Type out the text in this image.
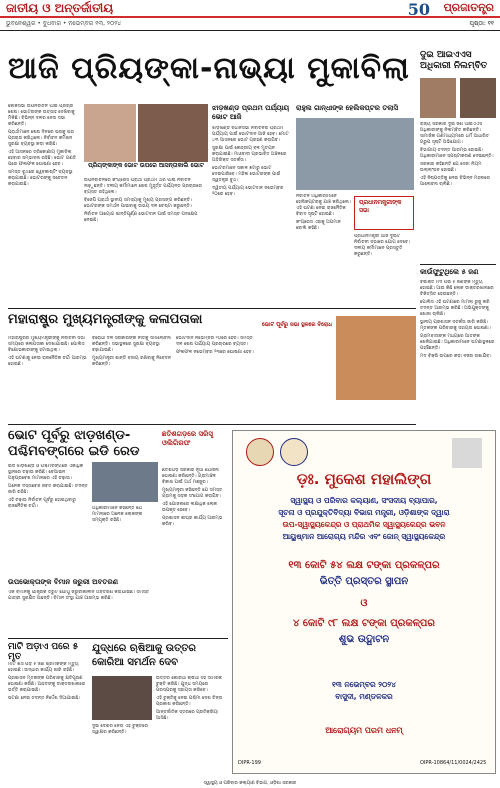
ଜାତୀୟ ଓ ଅନ୍ତର୍ଜାତୀୟ
ଭୁବନେଶ୍ୱର • ବୁଧବାର • ନଭେମ୍ବର ୧୩, ୨୦୨୪
50 ପ୍ରଜାତନ୍ତ୍ର
ପୃଷ୍ଠା: ୧୧
ଆଜି ପ୍ରିୟଙ୍କା-ନାଭ୍ୟା ମୁକାବିଲା
ପ୍ରିୟଙ୍କାଙ୍କ ଭୋଟ ଉପରେ ଆସନ୍ତାକାଲି ଭୋଟ

ଲୋକସଭା ଉପନିର୍ବାଚନ ପାଇଁ ପ୍ରଚାର ଶେଷ। ଭୋଟରଙ୍କ ଉତ୍ସାହ ଦେଖିବାକୁ ମିଳିଛି। ବିଭିନ୍ନ ଦଳର ନେତା ସଭା କରିଛନ୍ତି।

ପ୍ରାର୍ଥୀମାନେ ଶେଷ ଦିନରେ ଘରକୁ ଘର ପ୍ରଚାର କରିଥିଲେ। ନିର୍ବାଚନ କମିଶନ ସୁରକ୍ଷା ବ୍ୟବସ୍ଥା କଡ଼ା କରିଛି।

ଏହି ଆସନରେ ତ୍ରିକୋଣୀୟ ମୁକାବିଲା ହେବାର ସମ୍ଭାବନା ରହିଛି। ଭୋଟ ଗଣତି ପରେ ଫଳାଫଳ ଘୋଷଣା ହେବ।

ସମସ୍ତ ବୁଥରେ ୱେବକାଷ୍ଟିଂ ବ୍ୟବସ୍ଥା କରାଯାଇଛି। ଭୋଟରଙ୍କୁ ସଚେତନ କରାଯାଉଛି।

ଉପନିର୍ବାଚନରେ କଂଗ୍ରେସ ପ୍ରାର୍ଥୀ ପ୍ରଥମ ଥର ପାଇଁ ନିର୍ବାଚନ ଲଢ଼ୁଛନ୍ତି। ଦଳୀୟ କର୍ମୀମାନେ ଶେଷ ମୁହୂର୍ତ୍ତ ପର୍ଯ୍ୟନ୍ତ ପ୍ରଚାରରେ ବ୍ୟସ୍ତ ରହିଥିଲେ।

ବିଜେପି ପ୍ରାର୍ଥୀ ସ୍ଥାନୀୟ ସମସ୍ୟାକୁ ମୁଖ୍ୟ ପ୍ରସଙ୍ଗ କରିଛନ୍ତି। ଭୋଟରଙ୍କ ସମର୍ଥନ ପାଇବାକୁ ଉଭୟ ଦଳ ଚେଷ୍ଟା କରୁଛନ୍ତି।

ନିର୍ବାଚନ ଆୟୋଗ ଶାନ୍ତିପୂର୍ଣ୍ଣ ଭୋଟଦାନ ପାଇଁ ସମସ୍ତ ପଦକ୍ଷେପ ନେଇଛି।

ଝାଡ଼ଖଣ୍ଡ ପ୍ରଥମ ପର୍ଯ୍ୟାୟ ଭୋଟ ଆଜି

ଝାଡ଼ଖଣ୍ଡ ବିଧାନସଭା ନିର୍ବାଚନର ପ୍ରଥମ ପର୍ଯ୍ୟାୟ ପାଇଁ ଭୋଟଦାନ ଆଜି ହେବ। ମୋଟ ୪୩ ଆସନରେ ଭୋଟ ଗ୍ରହଣ କରାଯିବ।

ସୁରକ୍ଷା ପାଇଁ କେନ୍ଦ୍ରୀୟ ବଳ ମୁତୟନ କରାଯାଇଛି। ମାଓବାଦୀ ପ୍ରଭାବିତ ଅଞ୍ଚଳରେ ଅତିରିକ୍ତ ସତର୍କତା।

ଭୋଟରମାନେ ସକାଳ ୭ଟାରୁ ଭୋଟ ଦେଇପାରିବେ। ମହିଳା ଭୋଟରଙ୍କ ପାଇଁ ସ୍ୱତନ୍ତ୍ର ବୁଥ।

ଦ୍ୱିତୀୟ ପର୍ଯ୍ୟାୟ ଭୋଟଦାନ ନଭେମ୍ବର ୨୦ରେ ହେବ।

ରାହୁଲ ଗାନ୍ଧୀଙ୍କ ହେଲିକପ୍ଟର ତଲାସି

ନିର୍ବାଚନ ଅଧିକାରୀମାନେ ହେଲିକପ୍ଟରକୁ ଯାଞ୍ଚ କରିଥିଲେ। ଏହି ଘଟଣା ନେଇ ରାଜନୈତିକ ବିବାଦ ସୃଷ୍ଟି ହୋଇଛି।

କଂଗ୍ରେସ ଏହାକୁ ଅପମାନ ବୋଲି କହିଛି।

ପ୍ରଧାନମନ୍ତ୍ରୀଙ୍କ ସଭା

ପ୍ରଧାନମନ୍ତ୍ରୀ ଆଜି ଦୁଇଟି ନିର୍ବାଚନୀ ସଭାରେ ଯୋଗ ଦେବେ। ଦଳୀୟ କର୍ମୀମାନେ ପ୍ରସ୍ତୁତି କରୁଛନ୍ତି।

ଦୁଇ ଆଇଏଏସ ଅଧିକାରୀ ନିଲମ୍ବିତ

ରାଜ୍ୟ ସରକାର ଦୁଇ ଜଣ ଆଇଏଏସ ଅଧିକାରୀଙ୍କୁ ନିଲମ୍ବିତ କରିଛନ୍ତି। ସାମାଜିକ ଗଣମାଧ୍ୟମରେ ଧର୍ମ ଆଧାରିତ ଗ୍ରୁପ ସୃଷ୍ଟି ଅଭିଯୋଗ।

ବିଭାଗୀୟ ତଦନ୍ତ ଆରମ୍ଭ ହୋଇଛି। ଅଧିକାରୀମାନେ ସ୍ପଷ୍ଟୀକରଣ ଦେଇଛନ୍ତି।

ସରକାର କହିଛନ୍ତି ଯେ ସେବା ନିୟମ ଉଲ୍ଲଂଘନ ହୋଇଛି।

ଏହି ନିଷ୍ପତ୍ତିକୁ ନେଇ ବିଭିନ୍ନ ମହଲରେ ଆଲୋଚନା ଚାଲିଛି।

କାଉଁଫୁଟୁଥିଲେ ୫ ଜଣ

ବିଷାକ୍ତ ମଦ ପିଇ ୫ ଜଣଙ୍କ ମୃତ୍ୟୁ ହୋଇଛି। ଆଉ କିଛି ଲୋକ ଡାକ୍ତରଖାନାରେ ଚିକିତ୍ସିତ ହେଉଛନ୍ତି।

ପୋଲିସ ଏହି ଘଟଣାରେ ମାମଲା ରୁଜୁ କରି ତଦନ୍ତ ଆରମ୍ଭ କରିଛି। ଅଭିଯୁକ୍ତଙ୍କୁ ଖୋଜା ଚାଲିଛି।

ସ୍ଥାନୀୟ ପ୍ରଶାସନ ସତର୍କତା ଜାରି କରିଛି। ମୃତକଙ୍କ ପରିବାରକୁ ସହାୟତା ଘୋଷଣା।

ଗ୍ରାମବାସୀଙ୍କ ମଧ୍ୟରେ ଆତଙ୍କ ଖେଳିଯାଇଛି। ଅଧିକାରୀମାନେ ଘଟଣାସ୍ଥଳରେ ପହଞ୍ଚିଛନ୍ତି।

ମଦ ବିକ୍ରି ଉପରେ କଡ଼ା ନଜର ରଖାଯିବ।

ମହାରାଷ୍ଟ୍ର ମୁଖ୍ୟମନ୍ତ୍ରୀଙ୍କୁ କଳାପତାକା

ମହାରାଷ୍ଟ୍ରର ମୁଖ୍ୟମନ୍ତ୍ରୀଙ୍କୁ ନିର୍ବାଚନୀ ସଭା ସମୟରେ କଳାପତାକା ଦେଖାଯାଇଛି। ପୋଲିସ ବିକ୍ଷୋଭକାରୀଙ୍କୁ ହଟାଇଥିଲା।

ଏହି ଘଟଣାକୁ ନେଇ ରାଜନୈତିକ ଚର୍ଚ୍ଚା ଆରମ୍ଭ ହୋଇଛି।

ବିରୋଧୀ ଦଳ ସରକାରଙ୍କ ନୀତିକୁ ସମାଲୋଚନା କରିଛନ୍ତି। ସଭାସ୍ଥଳରେ ସୁରକ୍ଷା ବ୍ୟବସ୍ଥା ବଢ଼ାଯାଇଛି।

ମୁଖ୍ୟମନ୍ତ୍ରୀ ଶାନ୍ତି ବଜାୟ ରଖିବାକୁ ନିବେଦନ କରିଛନ୍ତି।

ଭୋଟଦାନ ନଭେମ୍ବର ୨୦ରେ ହେବ। ସମସ୍ତ ଦଳ ଶେଷ ପର୍ଯ୍ୟାୟ ପ୍ରଚାରରେ ବ୍ୟସ୍ତ।

ଫଳାଫଳ ନଭେମ୍ବର ୨୩ରେ ଘୋଷଣା ହେବ।

ଭୋଟ ପୂର୍ବରୁ ସଭା ସ୍ଥଳରେ ବିରୋଧ
ଭୋଟ ପୂର୍ବରୁ ଝାଡ଼ଖଣ୍ଡ-ପଶ୍ଚିମବଙ୍ଗରେ ଇଡି ରେଡ

ଇଡି ଝାଡ଼ଖଣ୍ଡ ଓ ପଶ୍ଚିମବଙ୍ଗରେ ଏକାଧିକ ସ୍ଥାନରେ ଚଢ଼ାଉ କରିଛି। ବେଆଇନ ଅନୁପ୍ରବେଶ ମାମଲାରେ ଏହି ଚଢ଼ାଉ।

ଅନେକ ଦସ୍ତାବେଜ ଜବତ କରାଯାଇଛି। ତଦନ୍ତ ଜାରି ରହିଛି।

ଏହି ଚଢ଼ାଉ ନିର୍ବାଚନ ପୂର୍ବରୁ ହୋଇଥିବାରୁ ରାଜନୈତିକ ଚର୍ଚ୍ଚା।	ଅଧିକାରୀମାନେ କହିଛନ୍ତି ଯେ ମାମଲାରେ ଅନେକ ଲୋକଙ୍କ ସମ୍ପୃକ୍ତି ରହିଛି।

ଉପଭୋକ୍ତାଙ୍କ ବିମାନ ଜରୁରୀ ଅବତରଣ

ଏକ ବିମାନକୁ ଯାନ୍ତ୍ରିକ ତ୍ରୁଟି ଯୋଗୁ ଜରୁରୀକାଳୀନ ଅବତରଣ କରାଯାଇଛି। ସମସ୍ତ ଯାତ୍ରୀ ସୁରକ୍ଷିତ ଅଛନ୍ତି। ବିମାନ ସଂସ୍ଥା ଯାଞ୍ଚ ଆରମ୍ଭ କରିଛି।

ଛତିଶଗଡ଼ରେ ସରିସୃ ଓଲିଗିରଫ

ଛତିଶଗଡ଼ ସରକାର ନୂଆ ଯୋଜନା ଘୋଷଣା କରିଛନ୍ତି। ଗ୍ରାମାଞ୍ଚଳ ବିକାଶ ପାଇଁ ଅର୍ଥ ମଞ୍ଜୁର।

ମୁଖ୍ୟମନ୍ତ୍ରୀ କହିଛନ୍ତି ଯେ ସମସ୍ତ ଗ୍ରାମକୁ ସଡ଼କ ସଂଯୋଗ କରାଯିବ।

ଏହି ଯୋଜନାରେ ଲକ୍ଷାଧିକ ଲୋକ ଉପକୃତ ହେବେ।

ପ୍ରଶାସନ ଶୀଘ୍ର କାର୍ଯ୍ୟ ଆରମ୍ଭ କରିବ।

ମାଟି ଅଡ଼ାଏ ପରେ ୫ ମୃତ

ମାଟି ଖସି ପଡ଼ି ୫ ଜଣ ଶ୍ରମିକଙ୍କ ମୃତ୍ୟୁ ହୋଇଛି। ଉଦ୍ଧାର କାର୍ଯ୍ୟ ଜାରି ରହିଛି।

ପ୍ରଶାସନ ମୃତକଙ୍କ ପରିବାରକୁ କ୍ଷତିପୂରଣ ଘୋଷଣା କରିଛି। ଆହତଙ୍କୁ ଡାକ୍ତରଖାନାରେ ଭର୍ତ୍ତି କରାଯାଇଛି।

ଘଟଣା ନେଇ ତଦନ୍ତ ନିର୍ଦ୍ଦେଶ ଦିଆଯାଇଛି।

ଯୁଦ୍ଧରେ ଋଷିଆକୁ ଉତ୍ତର କୋରିଆ ସମର୍ଥନ ଦେବ

ଉତ୍ତର କୋରିଆ ଋଷିଆ ସହ ସାମରିକ ଚୁକ୍ତି କରିଛି। ଯୁଦ୍ଧ ସମୟରେ ପରସ୍ପରକୁ ସହାୟତା କରିବେ।

ଏହି ଚୁକ୍ତିକୁ ନେଇ ପଶ୍ଚିମୀ ଦେଶ ଚିନ୍ତା ପ୍ରକାଶ କରିଛନ୍ତି।

ଆନ୍ତର୍ଜାତିକ ସ୍ତରରେ ପ୍ରତିକ୍ରିୟା ଆସିଛି।

ଦୁଇ ଦେଶର ନେତା ଏହି ଚୁକ୍ତିରେ ସ୍ୱାକ୍ଷର କରିଛନ୍ତି।

ଡ଼ଃ. ମୁକେଶ ମହାଲିଙ୍ଗ
ସ୍ୱାସ୍ଥ୍ୟ ଓ ପରିବାର କଲ୍ୟାଣ, ସଂସଦୀୟ ବ୍ୟାପାର,
ସୂଚନା ଓ ପ୍ରଯୁକ୍ତିବିଦ୍ୟା ବିଭାଗ ମନ୍ତ୍ରୀ, ଓଡ଼ିଶାଙ୍କ ଦ୍ୱାରା
ଉପ-ସ୍ୱାସ୍ଥ୍ୟକେନ୍ଦ୍ର ଓ ପ୍ରାଥମିକ ସ୍ୱାସ୍ଥ୍ୟକେନ୍ଦ୍ର ଭବନ
ଆୟୁଷ୍ମାନ ଆରୋଗ୍ୟ ମନ୍ଦିର ଏବଂ ଜୋନ୍ ସ୍ୱାସ୍ଥ୍ୟକେନ୍ଦ୍ର
୧୩ କୋଟି ୫୪ ଲକ୍ଷ ଟଙ୍କା ପ୍ରକଳ୍ପର
ଭିତ୍ତି ପ୍ରସ୍ତର ସ୍ଥାପନ
ଓ
୪ କୋଟି ୯୮ ଲକ୍ଷ ଟଙ୍କା ପ୍ରକଳ୍ପର
ଶୁଭ ଉଦ୍ଘାଟନ
୧୩ ନଭେମ୍ବର ୨୦୨୪
ବାସୁଦୀ, ମଣ୍ଡଳକର
ଆରୋଗ୍ୟମ ପରମ ଧନମ୍
DIPR-199	OIPR-10864/11/0024/2425
ସ୍ୱାସ୍ଥ୍ୟ ଓ ପରିବାର କଲ୍ୟାଣ ବିଭାଗ, ଓଡ଼ିଶା ସରକାର
